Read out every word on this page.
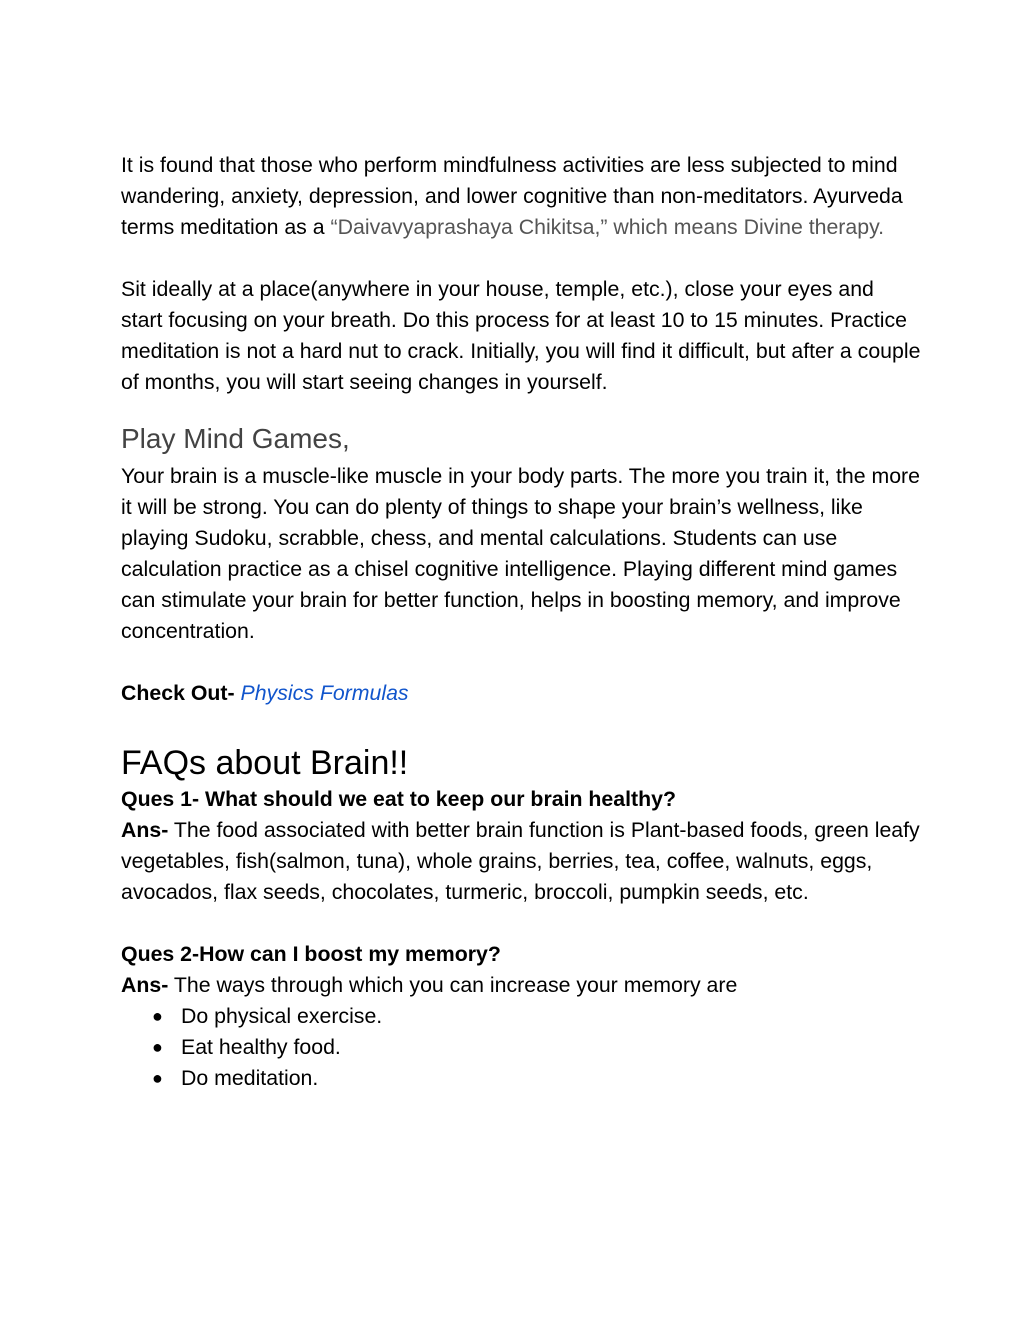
It is found that those who perform mindfulness activities are less subjected to mind wandering, anxiety, depression, and lower cognitive than non-meditators. Ayurveda terms meditation as a “Daivavyaprashaya Chikitsa,” which means Divine therapy.

Sit ideally at a place(anywhere in your house, temple, etc.), close your eyes and start focusing on your breath. Do this process for at least 10 to 15 minutes. Practice meditation is not a hard nut to crack. Initially, you will find it difficult, but after a couple of months, you will start seeing changes in yourself.

Play Mind Games,

Your brain is a muscle-like muscle in your body parts. The more you train it, the more it will be strong. You can do plenty of things to shape your brain’s wellness, like playing Sudoku, scrabble, chess, and mental calculations. Students can use calculation practice as a chisel cognitive intelligence. Playing different mind games can stimulate your brain for better function, helps in boosting memory, and improve concentration.

Check Out- Physics Formulas

FAQs about Brain!!

Ques 1- What should we eat to keep our brain healthy?

Ans- The food associated with better brain function is Plant-based foods, green leafy vegetables, fish(salmon, tuna), whole grains, berries, tea, coffee, walnuts, eggs, avocados, flax seeds, chocolates, turmeric, broccoli, pumpkin seeds, etc.

Ques 2-How can I boost my memory?

Ans- The ways through which you can increase your memory are

● Do physical exercise.
● Eat healthy food.
● Do meditation.
